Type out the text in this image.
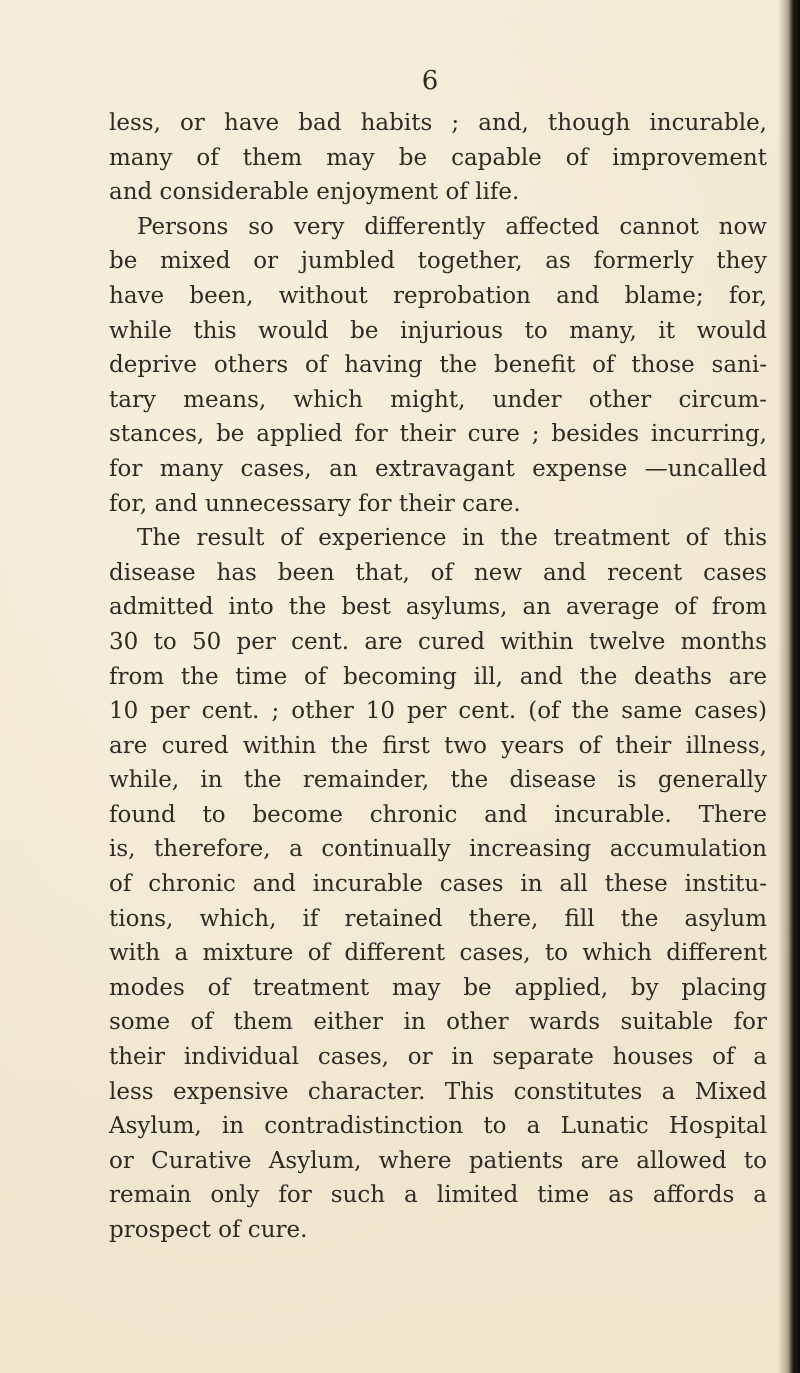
6
less, or have bad habits ; and, though incurable,
many of them may be capable of improvement
and considerable enjoyment of life.
Persons so very differently affected cannot now
be mixed or jumbled together, as formerly they
have been, without reprobation and blame; for,
while this would be injurious to many, it would
deprive others of having the benefit of those sani-
tary means, which might, under other circum-
stances, be applied for their cure ; besides incurring,
for many cases, an extravagant expense —uncalled
for, and unnecessary for their care.
The result of experience in the treatment of this
disease has been that, of new and recent cases
admitted into the best asylums, an average of from
30 to 50 per cent. are cured within twelve months
from the time of becoming ill, and the deaths are
10 per cent. ; other 10 per cent. (of the same cases)
are cured within the first two years of their illness,
while, in the remainder, the disease is generally
found to become chronic and incurable. There
is, therefore, a continually increasing accumulation
of chronic and incurable cases in all these institu-
tions, which, if retained there, fill the asylum
with a mixture of different cases, to which different
modes of treatment may be applied, by placing
some of them either in other wards suitable for
their individual cases, or in separate houses of a
less expensive character. This constitutes a Mixed
Asylum, in contradistinction to a Lunatic Hospital
or Curative Asylum, where patients are allowed to
remain only for such a limited time as affords a
prospect of cure.
